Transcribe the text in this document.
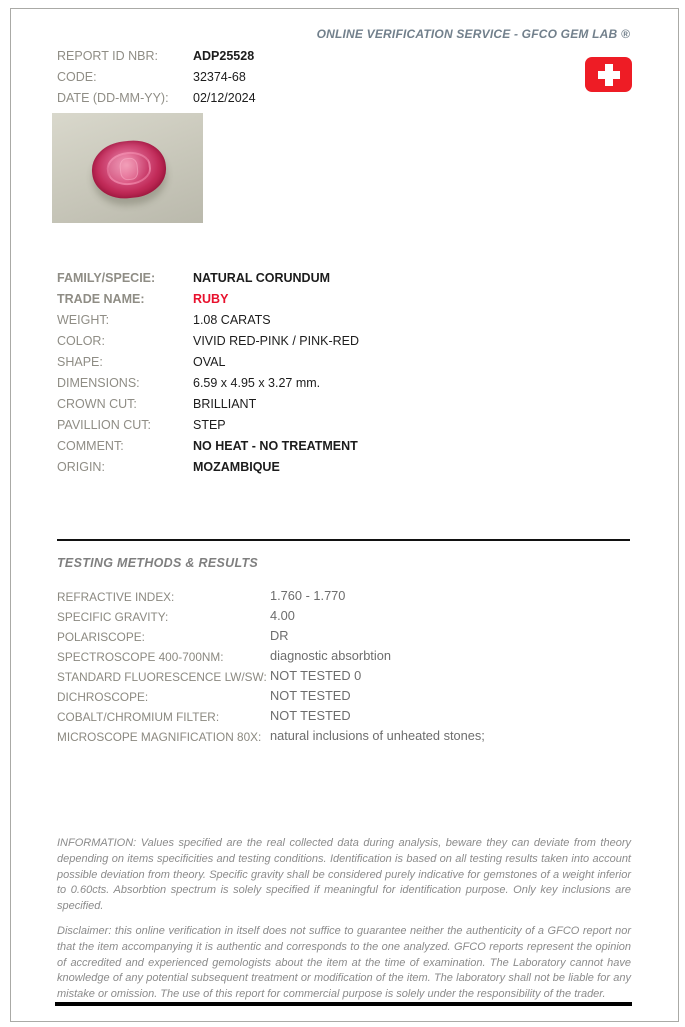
ONLINE VERIFICATION SERVICE - GFCO GEM LAB ®
REPORT ID NBR:	ADP25528
CODE:	32374-68
DATE (DD-MM-YY): 02/12/2024
FAMILY/SPECIE:	NATURAL CORUNDUM
TRADE NAME:	RUBY
WEIGHT:	1.08 CARATS
COLOR:	VIVID RED-PINK / PINK-RED
SHAPE:	OVAL
DIMENSIONS:	6.59 x 4.95 x 3.27 mm.
CROWN CUT:	BRILLIANT
PAVILLION CUT:	STEP
COMMENT:	NO HEAT - NO TREATMENT
ORIGIN:	MOZAMBIQUE
TESTING METHODS & RESULTS
REFRACTIVE INDEX:	1.760 - 1.770
SPECIFIC GRAVITY:	4.00
POLARISCOPE:	DR
SPECTROSCOPE 400-700NM:	diagnostic absorbtion
STANDARD FLUORESCENCE LW/SW: NOT TESTED 0
DICHROSCOPE:	NOT TESTED
COBALT/CHROMIUM FILTER:	NOT TESTED
MICROSCOPE MAGNIFICATION 80X: natural inclusions of unheated stones;

INFORMATION: Values specified are the real collected data during analysis, beware they can deviate from theory depending on items specificities and testing conditions. Identification is based on all testing results taken into account possible deviation from theory. Specific gravity shall be considered purely indicative for gemstones of a weight inferior to 0.60cts. Absorbtion spectrum is solely specified if meaningful for identification purpose. Only key inclusions are specified.

Disclaimer: this online verification in itself does not suffice to guarantee neither the authenticity of a GFCO report nor that the item accompanying it is authentic and corresponds to the one analyzed. GFCO reports represent the opinion of accredited and experienced gemologists about the item at the time of examination. The Laboratory cannot have knowledge of any potential subsequent treatment or modification of the item. The laboratory shall not be liable for any mistake or omission. The use of this report for commercial purpose is solely under the responsibility of the trader.
